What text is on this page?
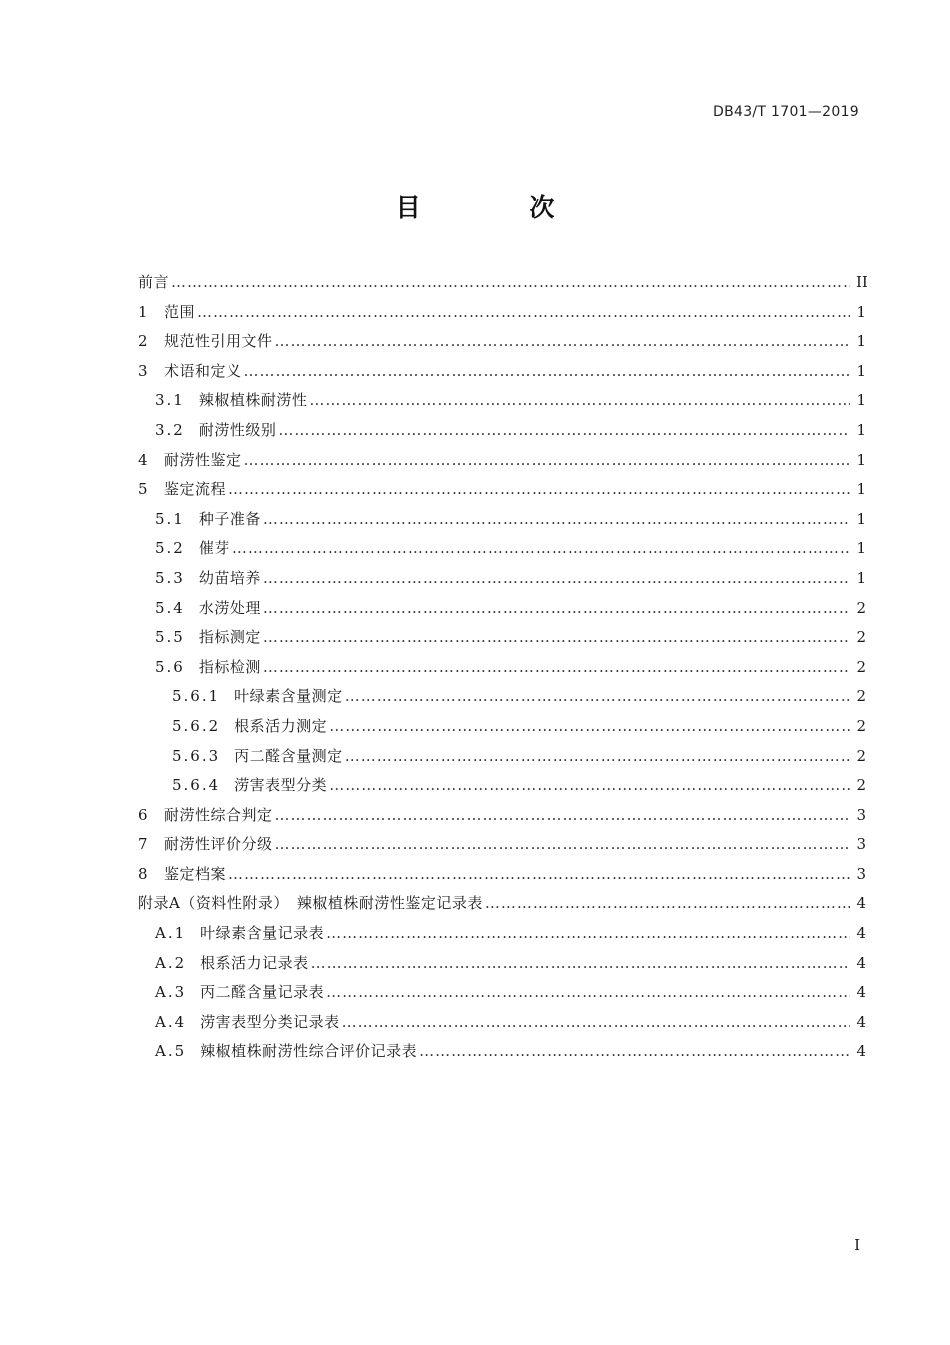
DB43/T 1701—2019
目 次
前言 …………………………………………………………………………………………………………………………………………………………………………………………………………………………………………………	II
1 范围 …………………………………………………………………………………………………………………………………………………………………………………………………………………………………………………	1
2 规范性引用文件 …………………………………………………………………………………………………………………………………………………………………………………………………………………………………………………	1
3 术语和定义 …………………………………………………………………………………………………………………………………………………………………………………………………………………………………………………	1
3.1 辣椒植株耐涝性 …………………………………………………………………………………………………………………………………………………………………………………………………………………………………………………	1
3.2 耐涝性级别 …………………………………………………………………………………………………………………………………………………………………………………………………………………………………………………	1
4 耐涝性鉴定 …………………………………………………………………………………………………………………………………………………………………………………………………………………………………………………	1
5 鉴定流程 …………………………………………………………………………………………………………………………………………………………………………………………………………………………………………………	1
5.1 种子准备 …………………………………………………………………………………………………………………………………………………………………………………………………………………………………………………	1
5.2 催芽 …………………………………………………………………………………………………………………………………………………………………………………………………………………………………………………	1
5.3 幼苗培养 …………………………………………………………………………………………………………………………………………………………………………………………………………………………………………………	1
5.4 水涝处理 …………………………………………………………………………………………………………………………………………………………………………………………………………………………………………………	2
5.5 指标测定 …………………………………………………………………………………………………………………………………………………………………………………………………………………………………………………	2
5.6 指标检测 …………………………………………………………………………………………………………………………………………………………………………………………………………………………………………………	2
5.6.1 叶绿素含量测定 …………………………………………………………………………………………………………………………………………………………………………………………………………………………………………………	2
5.6.2 根系活力测定 …………………………………………………………………………………………………………………………………………………………………………………………………………………………………………………	2
5.6.3 丙二醛含量测定 …………………………………………………………………………………………………………………………………………………………………………………………………………………………………………………	2
5.6.4 涝害表型分类 …………………………………………………………………………………………………………………………………………………………………………………………………………………………………………………	2
6 耐涝性综合判定 …………………………………………………………………………………………………………………………………………………………………………………………………………………………………………………	3
7 耐涝性评价分级 …………………………………………………………………………………………………………………………………………………………………………………………………………………………………………………	3
8 鉴定档案 …………………………………………………………………………………………………………………………………………………………………………………………………………………………………………………	3
附录A（资料性附录）　辣椒植株耐涝性鉴定记录表 …………………………………………………………………………………………………………………………………………………………………………………………………………………………………………………	4
A.1 叶绿素含量记录表 …………………………………………………………………………………………………………………………………………………………………………………………………………………………………………………	4
A.2 根系活力记录表 …………………………………………………………………………………………………………………………………………………………………………………………………………………………………………………	4
A.3 丙二醛含量记录表 …………………………………………………………………………………………………………………………………………………………………………………………………………………………………………………	4
A.4 涝害表型分类记录表 …………………………………………………………………………………………………………………………………………………………………………………………………………………………………………………	4
A.5 辣椒植株耐涝性综合评价记录表 …………………………………………………………………………………………………………………………………………………………………………………………………………………………………………………	4
I
